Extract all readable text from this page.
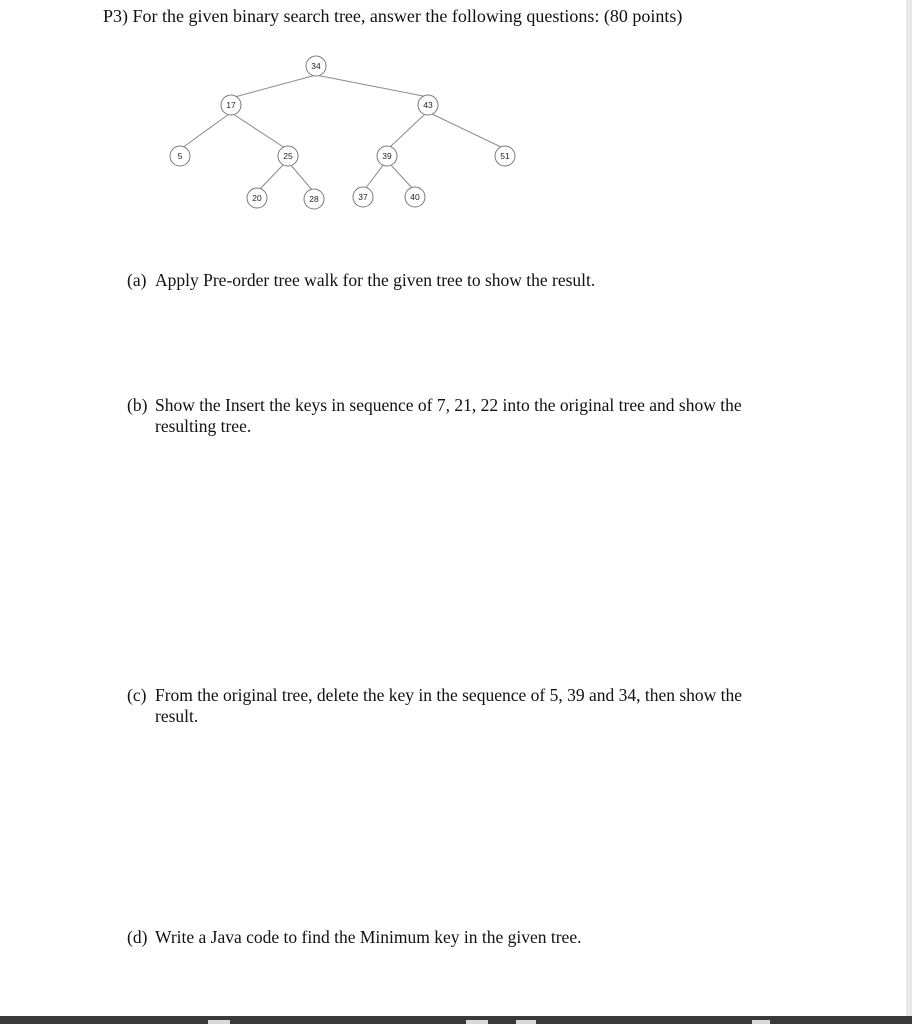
P3) For the given binary search tree, answer the following questions: (80 points)
34
17	43
5	25	39	51
20	28	37	40
(a) Apply Pre-order tree walk for the given tree to show the result.
(b) Show the Insert the keys in sequence of 7, 21, 22 into the original tree and show the resulting tree.
(c) From the original tree, delete the key in the sequence of 5, 39 and 34, then show the result.
(d) Write a Java code to find the Minimum key in the given tree.
